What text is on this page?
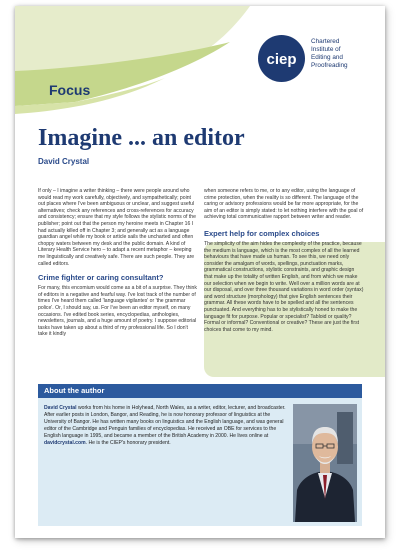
Focus
ciep
Chartered
Institute of
Editing and
Proofreading
Imagine ... an editor
David Crystal

If only – I imagine a writer thinking – there were people around who would read my work carefully, objectively, and sympathetically; point out places where I've been ambiguous or unclear, and suggest useful alternatives; check any references and cross-references for accuracy and consistency; ensure that my style follows the stylistic norms of the publisher; point out that the person my heroine meets in Chapter 16 I had actually killed off in Chapter 3; and generally act as a language guardian angel while my book or article sails the uncharted and often choppy waters between my desk and the public domain. A kind of Literary Health Service hero – to adapt a recent metaphor – keeping me linguistically and creatively safe. There are such people. They are called editors.

Crime fighter or caring consultant?

For many, this encomium would come as a bit of a surprise. They think of editors in a negative and fearful way. I've lost track of the number of times I've heard them called 'language vigilantes' or 'the grammar police'. Or, I should say, us. For I've been an editor myself, on many occasions. I've edited book series, encyclopedias, anthologies, newsletters, journals, and a huge amount of poetry. I suppose editorial tasks have taken up about a third of my professional life. So I don't take it kindly

when someone refers to me, or to any editor, using the language of crime protection, when the reality is so different. The language of the caring or advisory professions would be far more appropriate, for the aim of an editor is simply stated: to let nothing interfere with the goal of achieving total communicative rapport between writer and reader.

Expert help for complex choices

The simplicity of the aim hides the complexity of the practice, because the medium is language, which is the most complex of all the learned behaviours that have made us human. To see this, we need only consider the amalgam of words, spellings, punctuation marks, grammatical constructions, stylistic constraints, and graphic design that make up the totality of written English, and from which we make our selection when we begin to write. Well over a million words are at our disposal, and over three thousand variations in word order (syntax) and word structure (morphology) that give English sentences their grammar. All these words have to be spelled and all the sentences punctuated. And everything has to be stylistically honed to make the language fit for purpose. Popular or specialist? Tabloid or quality? Formal or informal? Conventional or creative? These are just the first choices that come to my mind.

About the author
David Crystal works from his home in Holyhead, North Wales, as a writer, editor, lecturer, and broadcaster. After earlier posts in London, Bangor, and Reading, he is now honorary professor of linguistics at the University of Bangor. He has written many books on linguistics and the English language, and was general editor of the Cambridge and Penguin families of encyclopedias. He received an OBE for services to the English language in 1995, and became a member of the British Academy in 2000. He lives online at davidcrystal.com. He is the CIEP's honorary president.
